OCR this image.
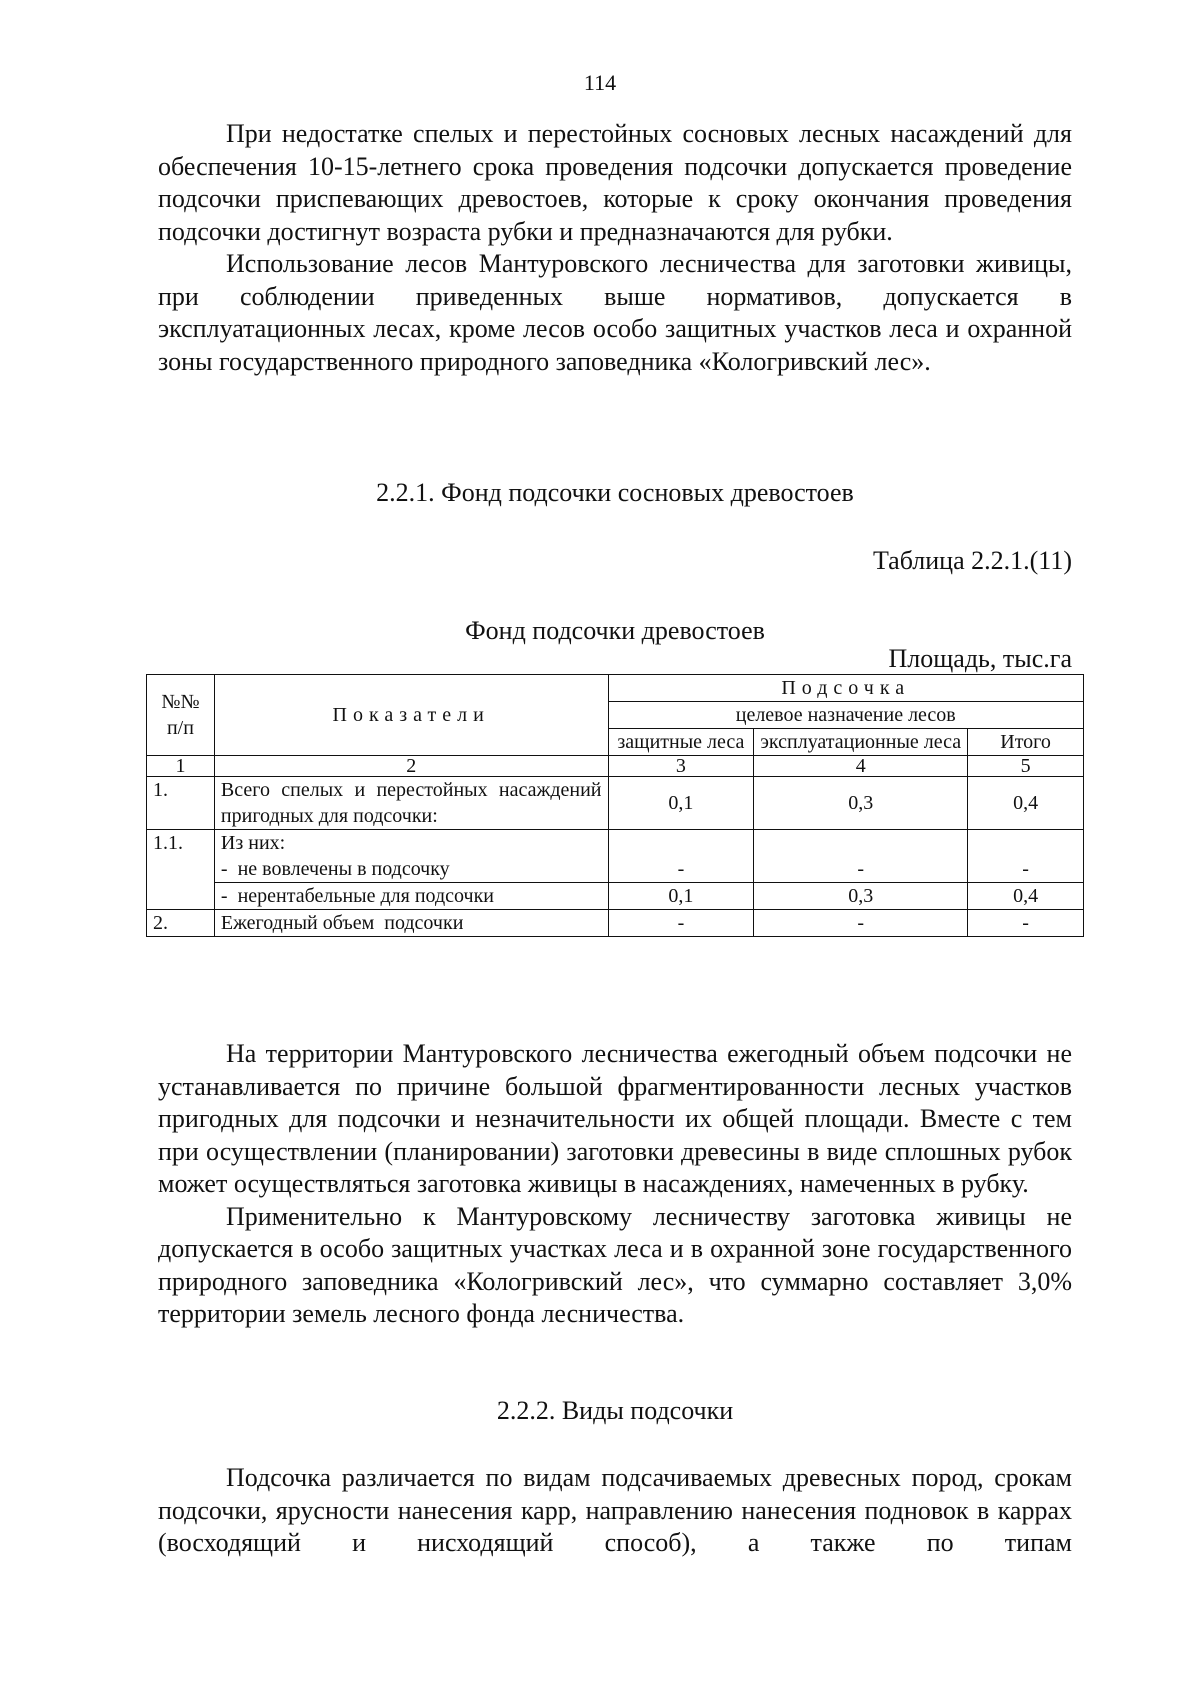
114

При недостатке спелых и перестойных сосновых лесных насаждений для обеспечения 10-15-летнего срока проведения подсочки допускается проведение подсочки приспевающих древостоев, которые к сроку окончания проведения подсочки достигнут возраста рубки и предназначаются для рубки.

Использование лесов Мантуровского лесничества для заготовки живицы, при соблюдении приведенных выше нормативов, допускается в эксплуатационных лесах, кроме лесов особо защитных участков леса и охранной зоны государственного природного заповедника «Кологривский лес».

2.2.1. Фонд подсочки сосновых древостоев
Таблица 2.2.1.(11)
Фонд подсочки древостоев
Площадь, тыс.га
№№ п/п	Показатели	Подсочка		
		целевое назначение лесов		
		защитные леса	эксплуатационные леса	Итого
1	2	3	4	5
1.	Всего спелых и перестойных насаждений пригодных для подсочки:	0,1	0,3	0,4
1.1.	Из них:			
	-  не вовлечены в подсочку	-	-	-
	-  нерентабельные для подсочки	0,1	0,3	0,4
2.	Ежегодный объем  подсочки	-	-	-

На территории Мантуровского лесничества ежегодный объем подсочки не устанавливается по причине большой фрагментированности лесных участков пригодных для подсочки и незначительности их общей площади. Вместе с тем при осуществлении (планировании) заготовки древесины в виде сплошных рубок может осуществляться заготовка живицы в насаждениях, намеченных в рубку.

Применительно к Мантуровскому лесничеству заготовка живицы не допускается в особо защитных участках леса и в охранной зоне государственного природного заповедника «Кологривский лес», что суммарно составляет 3,0% территории земель лесного фонда лесничества.

2.2.2. Виды подсочки

Подсочка различается по видам подсачиваемых древесных пород, срокам подсочки, ярусности нанесения карр, направлению нанесения подновок в каррах (восходящий и нисходящий способ), а также по типам
